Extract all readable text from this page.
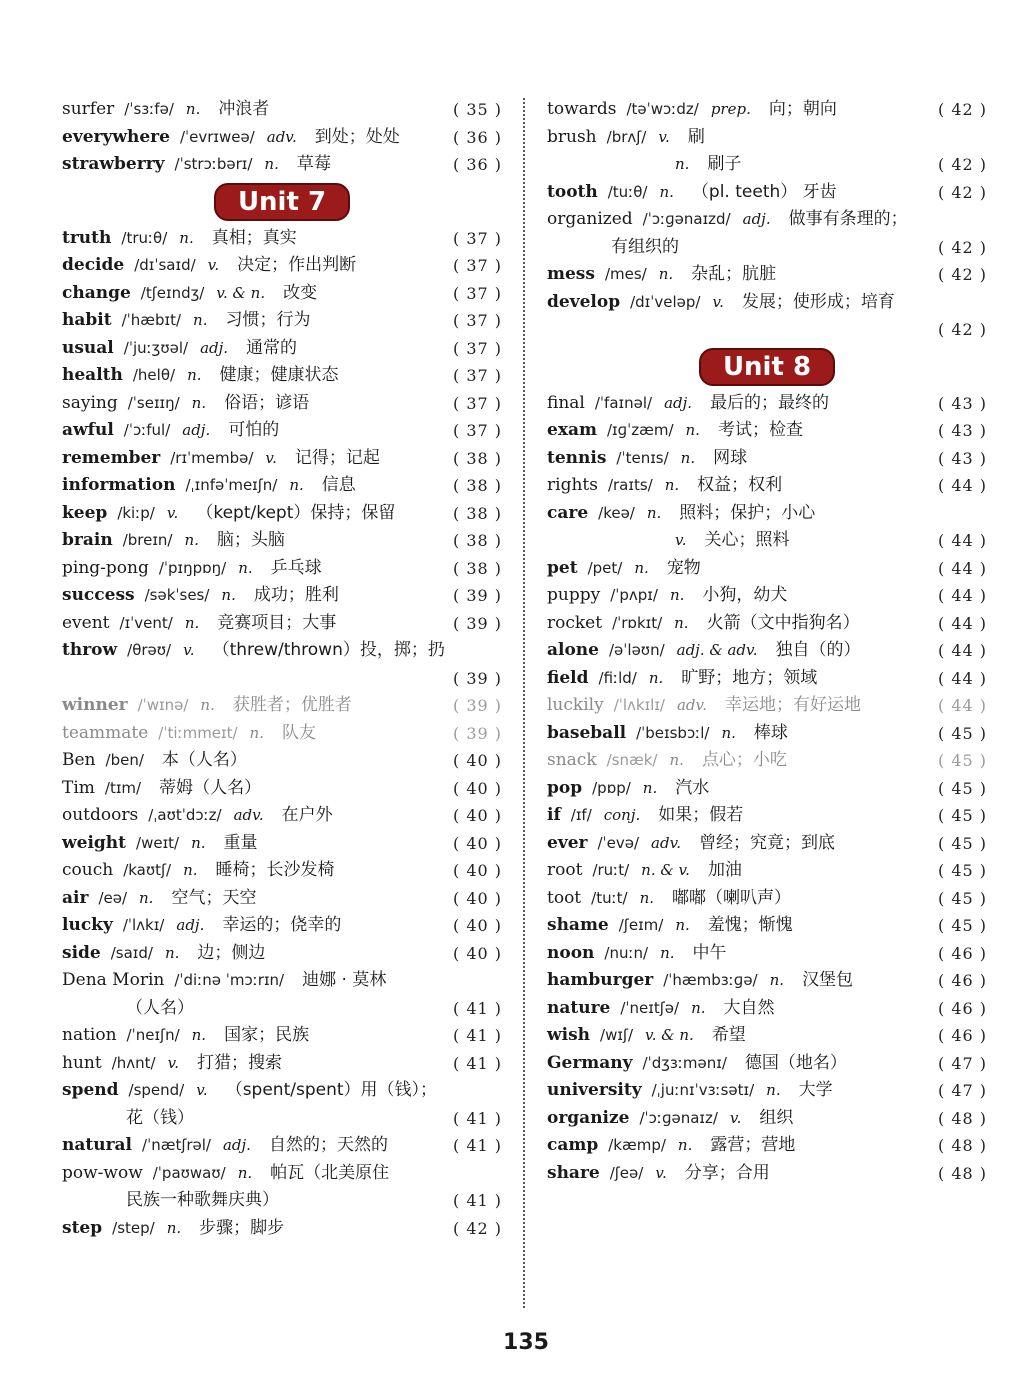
surfer /ˈsɜːfə/ n. 冲浪者	( 35 )
everywhere /ˈevrɪweə/ adv. 到处；处处	( 36 )
strawberry /ˈstrɔːbərɪ/ n. 草莓	( 36 )
Unit 7
truth /truːθ/ n. 真相；真实	( 37 )
decide /dɪˈsaɪd/ v. 决定；作出判断	( 37 )
change /tʃeɪndʒ/ v. & n. 改变	( 37 )
habit /ˈhæbɪt/ n. 习惯；行为	( 37 )
usual /ˈjuːʒʊəl/ adj. 通常的	( 37 )
health /helθ/ n. 健康；健康状态	( 37 )
saying /ˈseɪɪŋ/ n. 俗语；谚语	( 37 )
awful /ˈɔːful/ adj. 可怕的	( 37 )
remember /rɪˈmembə/ v. 记得；记起	( 38 )
information /ˌɪnfəˈmeɪʃn/ n. 信息	( 38 )
keep /kiːp/ v. （kept/kept）保持；保留	( 38 )
brain /breɪn/ n. 脑；头脑	( 38 )
ping-pong /ˈpɪŋpɒŋ/ n. 乒乓球	( 38 )
success /səkˈses/ n. 成功；胜利	( 39 )
event /ɪˈvent/ n. 竞赛项目；大事	( 39 )
throw /θrəʊ/ v. （threw/thrown）投，掷；扔
( 39 )
winner /ˈwɪnə/ n. 获胜者；优胜者	( 39 )
teammate /ˈtiːmmeɪt/ n. 队友	( 39 )
Ben /ben/ 本（人名）	( 40 )
Tim /tɪm/ 蒂姆（人名）	( 40 )
outdoors /ˌaʊtˈdɔːz/ adv. 在户外	( 40 )
weight /weɪt/ n. 重量	( 40 )
couch /kaʊtʃ/ n. 睡椅；长沙发椅	( 40 )
air /eə/ n. 空气；天空	( 40 )
lucky /ˈlʌkɪ/ adj. 幸运的；侥幸的	( 40 )
side /saɪd/ n. 边；侧边	( 40 )
Dena Morin /ˈdiːnə ˈmɔːrɪn/ 迪娜 · 莫林
（人名）	( 41 )
nation /ˈneɪʃn/ n. 国家；民族	( 41 )
hunt /hʌnt/ v. 打猎；搜索	( 41 )
spend /spend/ v. （spent/spent）用（钱）；
花（钱）	( 41 )
natural /ˈnætʃrəl/ adj. 自然的；天然的	( 41 )
pow-wow /ˈpaʊwaʊ/ n. 帕瓦（北美原住
民族一种歌舞庆典）	( 41 )
step /step/ n. 步骤；脚步	( 42 )
towards /təˈwɔːdz/ prep. 向；朝向	( 42 )
brush /brʌʃ/ v. 刷
n. 刷子	( 42 )
tooth /tuːθ/ n. （pl. teeth） 牙齿	( 42 )
organized /ˈɔːɡənaɪzd/ adj. 做事有条理的；
有组织的	( 42 )
mess /mes/ n. 杂乱；肮脏	( 42 )
develop /dɪˈveləp/ v. 发展；使形成；培育
( 42 )
Unit 8
final /ˈfaɪnəl/ adj. 最后的；最终的	( 43 )
exam /ɪɡˈzæm/ n. 考试；检查	( 43 )
tennis /ˈtenɪs/ n. 网球	( 43 )
rights /raɪts/ n. 权益；权利	( 44 )
care /keə/ n. 照料；保护；小心
v. 关心；照料	( 44 )
pet /pet/ n. 宠物	( 44 )
puppy /ˈpʌpɪ/ n. 小狗，幼犬	( 44 )
rocket /ˈrɒkɪt/ n. 火箭（文中指狗名）	( 44 )
alone /əˈləʊn/ adj. & adv. 独自（的）	( 44 )
field /fiːld/ n. 旷野；地方；领域	( 44 )
luckily /ˈlʌkɪlɪ/ adv. 幸运地；有好运地	( 44 )
baseball /ˈbeɪsbɔːl/ n. 棒球	( 45 )
snack /snæk/ n. 点心；小吃	( 45 )
pop /pɒp/ n. 汽水	( 45 )
if /ɪf/ conj. 如果；假若	( 45 )
ever /ˈevə/ adv. 曾经；究竟；到底	( 45 )
root /ruːt/ n. & v. 加油	( 45 )
toot /tuːt/ n. 嘟嘟（喇叭声）	( 45 )
shame /ʃeɪm/ n. 羞愧；惭愧	( 45 )
noon /nuːn/ n. 中午	( 46 )
hamburger /ˈhæmbɜːɡə/ n. 汉堡包	( 46 )
nature /ˈneɪtʃə/ n. 大自然	( 46 )
wish /wɪʃ/ v. & n. 希望	( 46 )
Germany /ˈdʒɜːmənɪ/ 德国（地名）	( 47 )
university /ˌjuːnɪˈvɜːsətɪ/ n. 大学	( 47 )
organize /ˈɔːɡənaɪz/ v. 组织	( 48 )
camp /kæmp/ n. 露营；营地	( 48 )
share /ʃeə/ v. 分享；合用	( 48 )
135
